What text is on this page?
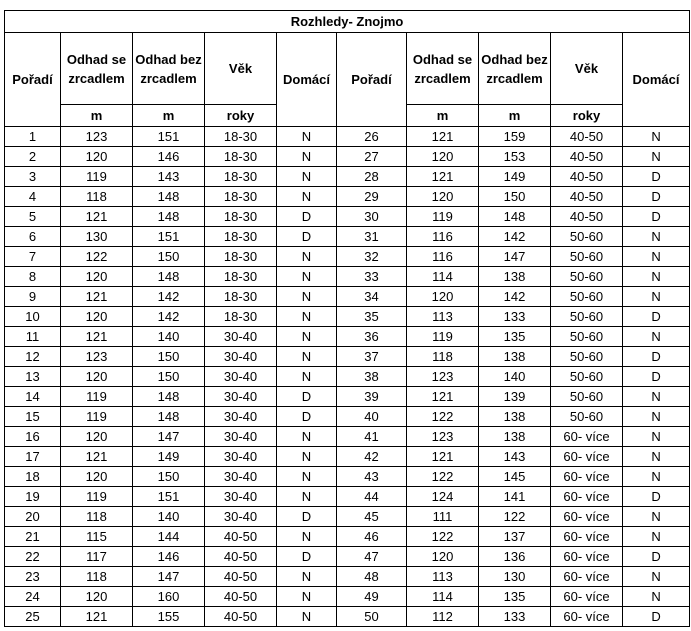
Rozhledy- Znojmo									
Pořadí	Odhad se zrcadlem	Odhad bez zrcadlem	Věk	Domácí	Pořadí	Odhad se zrcadlem	Odhad bez zrcadlem	Věk	Domácí
	m	m	roky			m	m	roky	
1	123	151	18-30	N	26	121	159	40-50	N
2	120	146	18-30	N	27	120	153	40-50	N
3	119	143	18-30	N	28	121	149	40-50	D
4	118	148	18-30	N	29	120	150	40-50	D
5	121	148	18-30	D	30	119	148	40-50	D
6	130	151	18-30	D	31	116	142	50-60	N
7	122	150	18-30	N	32	116	147	50-60	N
8	120	148	18-30	N	33	114	138	50-60	N
9	121	142	18-30	N	34	120	142	50-60	N
10	120	142	18-30	N	35	113	133	50-60	D
11	121	140	30-40	N	36	119	135	50-60	N
12	123	150	30-40	N	37	118	138	50-60	D
13	120	150	30-40	N	38	123	140	50-60	D
14	119	148	30-40	D	39	121	139	50-60	N
15	119	148	30-40	D	40	122	138	50-60	N
16	120	147	30-40	N	41	123	138	60- více	N
17	121	149	30-40	N	42	121	143	60- více	N
18	120	150	30-40	N	43	122	145	60- více	N
19	119	151	30-40	N	44	124	141	60- více	D
20	118	140	30-40	D	45	111	122	60- více	N
21	115	144	40-50	N	46	122	137	60- více	N
22	117	146	40-50	D	47	120	136	60- více	D
23	118	147	40-50	N	48	113	130	60- více	N
24	120	160	40-50	N	49	114	135	60- více	N
25	121	155	40-50	N	50	112	133	60- více	D
